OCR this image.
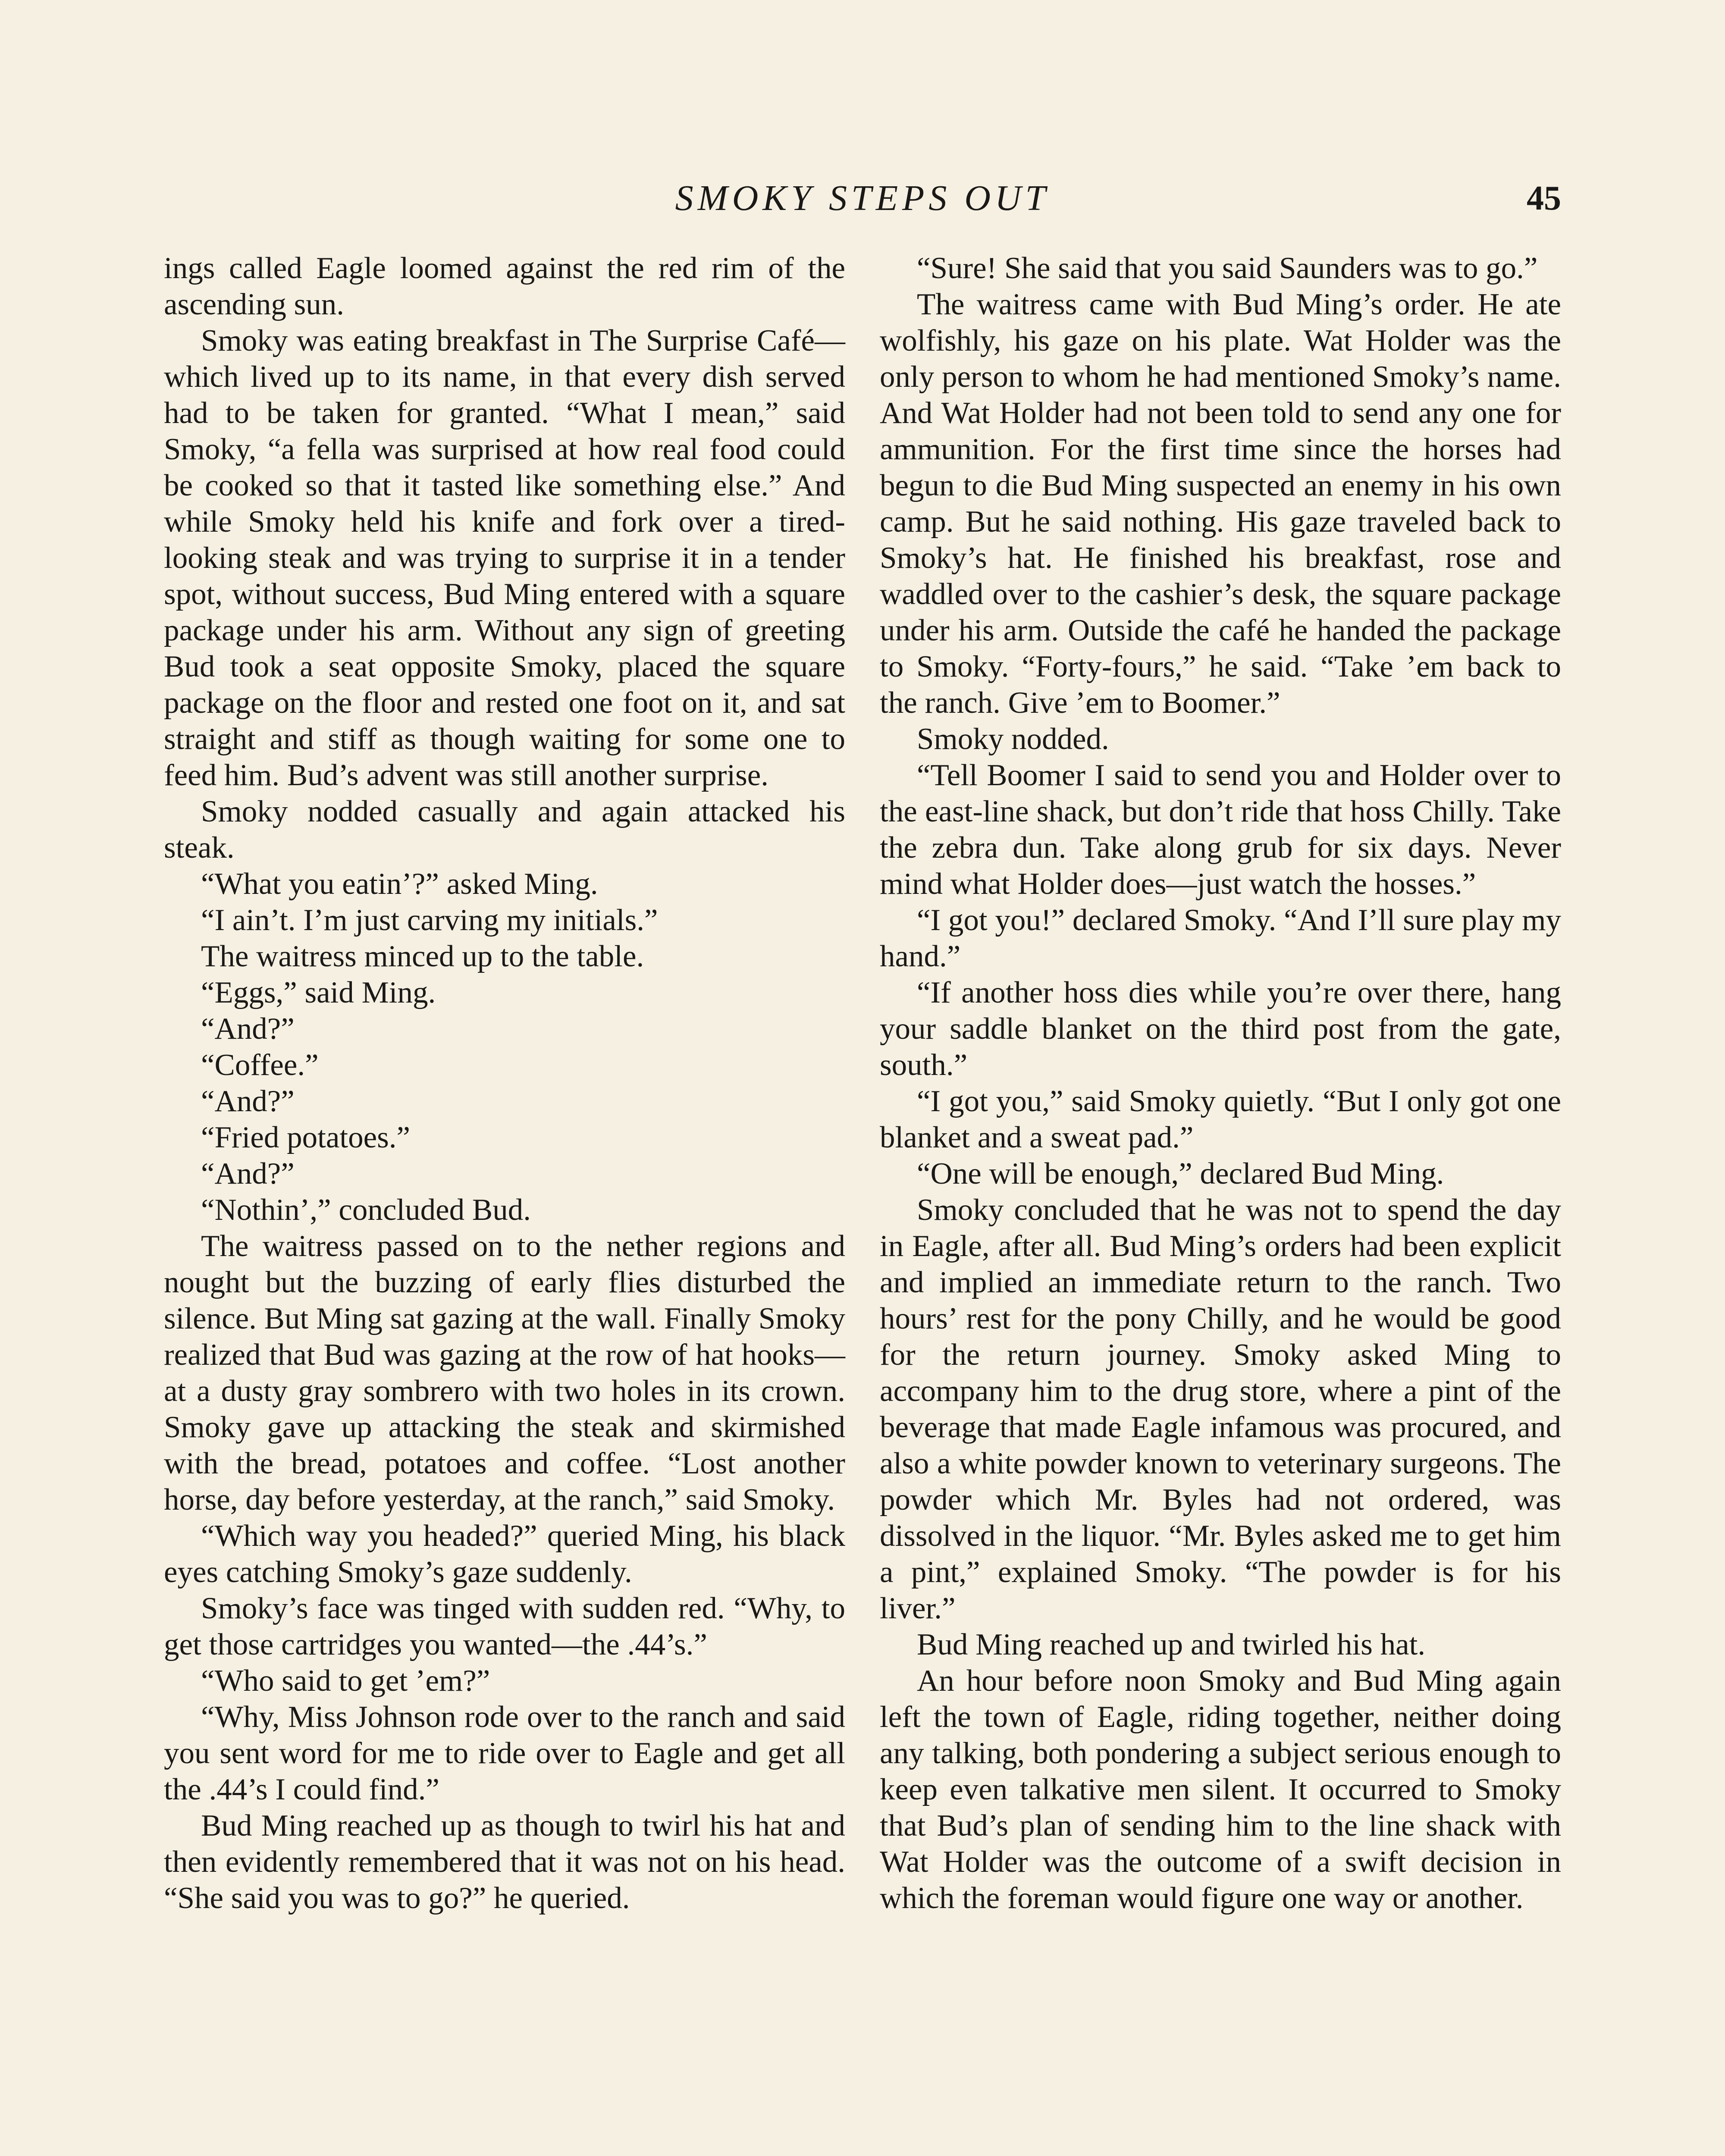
SMOKY STEPS OUT	45

ings called Eagle loomed against the red rim of the ascending sun.

Smoky was eating breakfast in The Surprise Café—which lived up to its name, in that every dish served had to be taken for granted. “What I mean,” said Smoky, “a fella was surprised at how real food could be cooked so that it tasted like something else.” And while Smoky held his knife and fork over a tired-looking steak and was trying to surprise it in a tender spot, without success, Bud Ming entered with a square package under his arm. Without any sign of greeting Bud took a seat opposite Smoky, placed the square package on the floor and rested one foot on it, and sat straight and stiff as though waiting for some one to feed him. Bud’s advent was still another surprise.

Smoky nodded casually and again attacked his steak.

“What you eatin’?” asked Ming.

“I ain’t. I’m just carving my initials.”

The waitress minced up to the table.

“Eggs,” said Ming.

“And?”

“Coffee.”

“And?”

“Fried potatoes.”

“And?”

“Nothin’,” concluded Bud.

The waitress passed on to the nether regions and nought but the buzzing of early flies disturbed the silence. But Ming sat gazing at the wall. Finally Smoky realized that Bud was gazing at the row of hat hooks—at a dusty gray sombrero with two holes in its crown. Smoky gave up attacking the steak and skirmished with the bread, potatoes and coffee. “Lost another horse, day before yesterday, at the ranch,” said Smoky.

“Which way you headed?” queried Ming, his black eyes catching Smoky’s gaze suddenly.

Smoky’s face was tinged with sudden red. “Why, to get those cartridges you wanted—the .44’s.”

“Who said to get ’em?”

“Why, Miss Johnson rode over to the ranch and said you sent word for me to ride over to Eagle and get all the .44’s I could find.”

Bud Ming reached up as though to twirl his hat and then evidently remembered that it was not on his head. “She said you was to go?” he queried.

“Sure! She said that you said Saunders was to go.”

The waitress came with Bud Ming’s order. He ate wolfishly, his gaze on his plate. Wat Holder was the only person to whom he had mentioned Smoky’s name. And Wat Holder had not been told to send any one for ammunition. For the first time since the horses had begun to die Bud Ming suspected an enemy in his own camp. But he said nothing. His gaze traveled back to Smoky’s hat. He finished his breakfast, rose and waddled over to the cashier’s desk, the square package under his arm. Outside the café he handed the package to Smoky. “Forty-fours,” he said. “Take ’em back to the ranch. Give ’em to Boomer.”

Smoky nodded.

“Tell Boomer I said to send you and Holder over to the east-line shack, but don’t ride that hoss Chilly. Take the zebra dun. Take along grub for six days. Never mind what Holder does—just watch the hosses.”

“I got you!” declared Smoky. “And I’ll sure play my hand.”

“If another hoss dies while you’re over there, hang your saddle blanket on the third post from the gate, south.”

“I got you,” said Smoky quietly. “But I only got one blanket and a sweat pad.”

“One will be enough,” declared Bud Ming.

Smoky concluded that he was not to spend the day in Eagle, after all. Bud Ming’s orders had been explicit and implied an immediate return to the ranch. Two hours’ rest for the pony Chilly, and he would be good for the return journey. Smoky asked Ming to accompany him to the drug store, where a pint of the beverage that made Eagle infamous was procured, and also a white powder known to veterinary surgeons. The powder which Mr. Byles had not ordered, was dissolved in the liquor. “Mr. Byles asked me to get him a pint,” explained Smoky. “The powder is for his liver.”

Bud Ming reached up and twirled his hat.

An hour before noon Smoky and Bud Ming again left the town of Eagle, riding together, neither doing any talking, both pondering a subject serious enough to keep even talkative men silent. It occurred to Smoky that Bud’s plan of sending him to the line shack with Wat Holder was the outcome of a swift decision in which the foreman would figure one way or another.
